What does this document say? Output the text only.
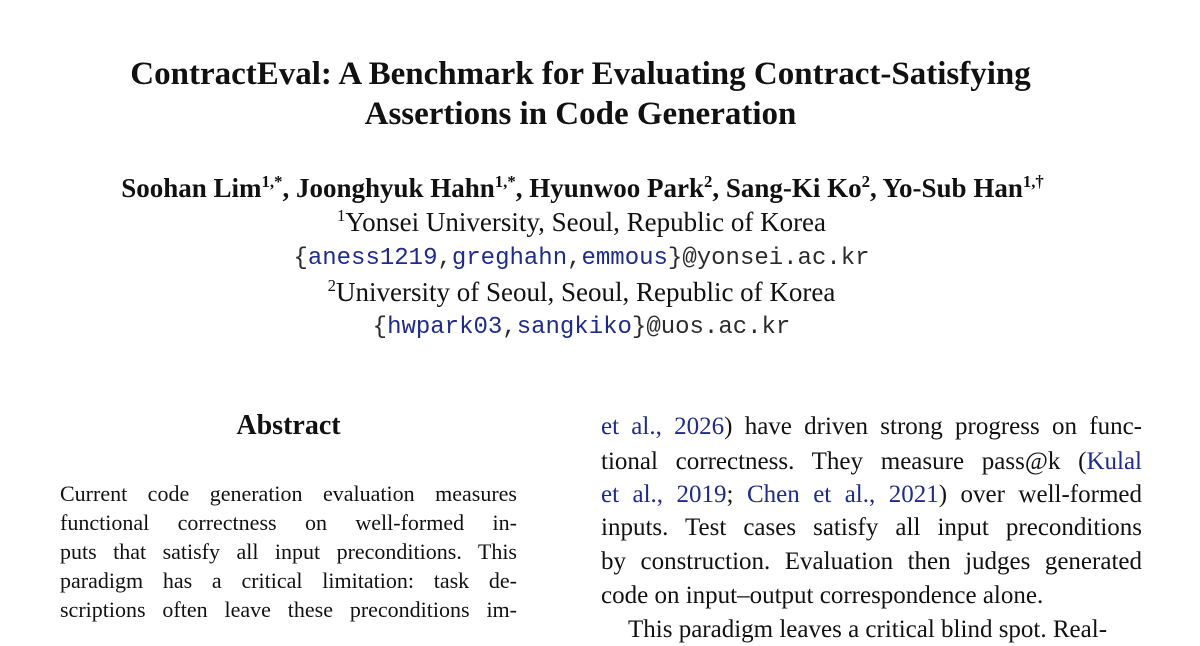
ContractEval: A Benchmark for Evaluating Contract-Satisfying
Assertions in Code Generation
Soohan Lim$^{1,*}$, Joonghyuk Hahn$^{1,*}$, Hyunwoo Park$^2$, Sang-Ki Ko$^2$, Yo-Sub Han$^{1,\dagger}$
$^1$Yonsei University, Seoul, Republic of Korea
{aness1219,greghahn,emmous}@yonsei.ac.kr
$^2$University of Seoul, Seoul, Republic of Korea
{hwpark03,sangkiko}@uos.ac.kr
Abstract
Current code generation evaluation measures
functional correctness on well-formed in-
puts that satisfy all input preconditions. This
paradigm has a critical limitation: task de-
scriptions often leave these preconditions im-
et al., 2026) have driven strong progress on func-
tional correctness. They measure pass@k (Kulal
et al., 2019; Chen et al., 2021) over well-formed
inputs. Test cases satisfy all input preconditions
by construction. Evaluation then judges generated
code on input–output correspondence alone.
This paradigm leaves a critical blind spot. Real-
